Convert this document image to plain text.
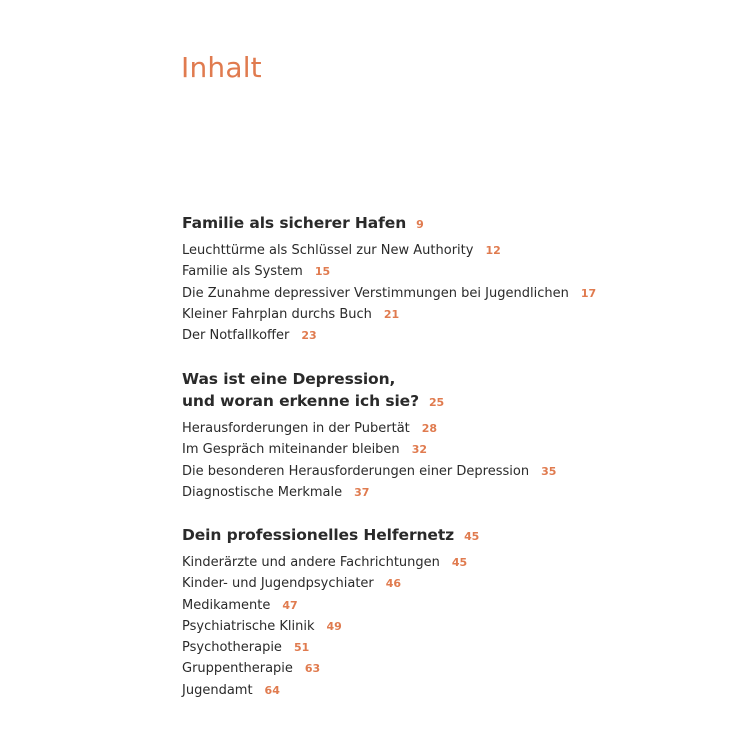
Inhalt
Familie als sicherer Hafen 9
Leuchttürme als Schlüssel zur New Authority 12
Familie als System 15
Die Zunahme depressiver Verstimmungen bei Jugendlichen 17
Kleiner Fahrplan durchs Buch 21
Der Notfallkoffer 23
Was ist eine Depression,
und woran erkenne ich sie? 25
Herausforderungen in der Pubertät 28
Im Gespräch miteinander bleiben 32
Die besonderen Herausforderungen einer Depression 35
Diagnostische Merkmale 37
Dein professionelles Helfernetz 45
Kinderärzte und andere Fachrichtungen 45
Kinder- und Jugendpsychiater 46
Medikamente 47
Psychiatrische Klinik 49
Psychotherapie 51
Gruppentherapie 63
Jugendamt 64
